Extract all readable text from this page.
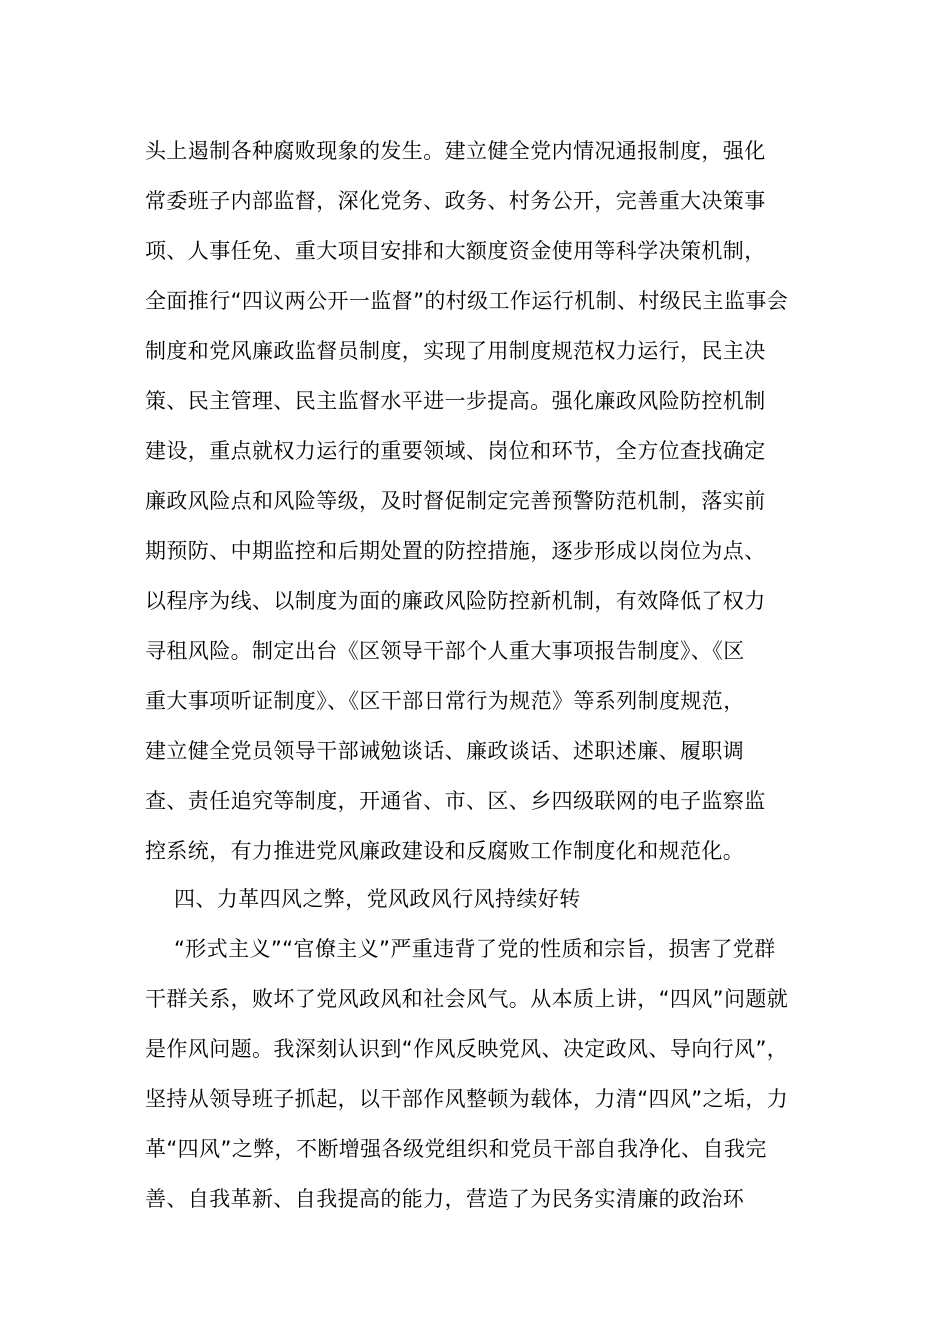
头上遏制各种腐败现象的发生。建立健全党内情况通报制度，强化
常委班子内部监督，深化党务、政务、村务公开，完善重大决策事
项、人事任免、重大项目安排和大额度资金使用等科学决策机制，
全面推行“四议两公开一监督”的村级工作运行机制、村级民主监事会
制度和党风廉政监督员制度，实现了用制度规范权力运行，民主决
策、民主管理、民主监督水平进一步提高。强化廉政风险防控机制
建设，重点就权力运行的重要领域、岗位和环节，全方位查找确定
廉政风险点和风险等级，及时督促制定完善预警防范机制，落实前
期预防、中期监控和后期处置的防控措施，逐步形成以岗位为点、
以程序为线、以制度为面的廉政风险防控新机制，有效降低了权力
寻租风险。制定出台《区领导干部个人重大事项报告制度》、《区
重大事项听证制度》、《区干部日常行为规范》等系列制度规范，
建立健全党员领导干部诫勉谈话、廉政谈话、述职述廉、履职调
查、责任追究等制度，开通省、市、区、乡四级联网的电子监察监
控系统，有力推进党风廉政建设和反腐败工作制度化和规范化。
四、力革四风之弊，党风政风行风持续好转
“形式主义”“官僚主义”严重违背了党的性质和宗旨，损害了党群
干群关系，败坏了党风政风和社会风气。从本质上讲，“四风”问题就
是作风问题。我深刻认识到“作风反映党风、决定政风、导向行风”，
坚持从领导班子抓起，以干部作风整顿为载体，力清“四风”之垢，力
革“四风”之弊，不断增强各级党组织和党员干部自我净化、自我完
善、自我革新、自我提高的能力，营造了为民务实清廉的政治环
